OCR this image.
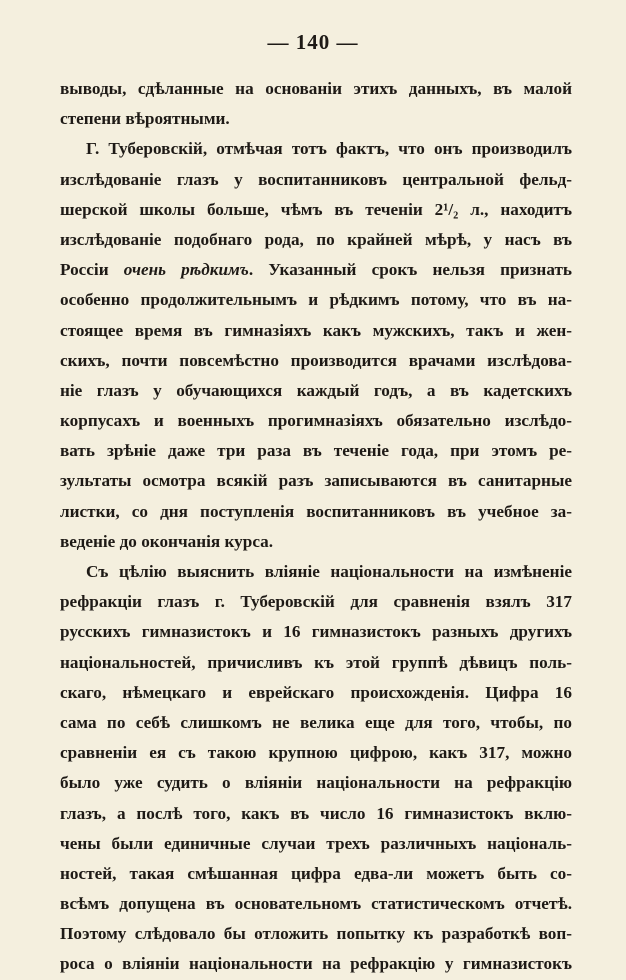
— 140 —
выводы, сдѣланные на основаніи этихъ данныхъ, въ малой
степени вѣроятными.
Г. Туберовскій, отмѣчая тотъ фактъ, что онъ производилъ
изслѣдованіе глазъ у воспитанниковъ центральной фельд-
шерской школы больше, чѣмъ въ теченіи 2¹/₂ л., находитъ
изслѣдованіе подобнаго рода, по крайней мѣрѣ, у насъ въ
Россіи очень рѣдкимъ. Указанный срокъ нельзя признать
особенно продолжительнымъ и рѣдкимъ потому, что въ на-
стоящее время въ гимназіяхъ какъ мужскихъ, такъ и жен-
скихъ, почти повсемѣстно производится врачами изслѣдова-
ніе глазъ у обучающихся каждый годъ, а въ кадетскихъ
корпусахъ и военныхъ прогимназіяхъ обязательно изслѣдо-
вать зрѣніе даже три раза въ теченіе года, при этомъ ре-
зультаты осмотра всякій разъ записываются въ санитарные
листки, со дня поступленія воспитанниковъ въ учебное за-
веденіе до окончанія курса.
Съ цѣлію выяснить вліяніе національности на измѣненіе
рефракціи глазъ г. Туберовскій для сравненія взялъ 317
русскихъ гимназистокъ и 16 гимназистокъ разныхъ другихъ
національностей, причисливъ къ этой группѣ дѣвицъ поль-
скаго, нѣмецкаго и еврейскаго происхожденія. Цифра 16
сама по себѣ слишкомъ не велика еще для того, чтобы, по
сравненіи ея съ такою крупною цифрою, какъ 317, можно
было уже судить о вліяніи національности на рефракцію
глазъ, а послѣ того, какъ въ число 16 гимназистокъ вклю-
чены были единичные случаи трехъ различныхъ національ-
ностей, такая смѣшанная цифра едва-ли можетъ быть со-
всѣмъ допущена въ основательномъ статистическомъ отчетѣ.
Поэтому слѣдовало бы отложить попытку къ разработкѣ воп-
роса о вліяніи національности на рефракцію у гимназистокъ
